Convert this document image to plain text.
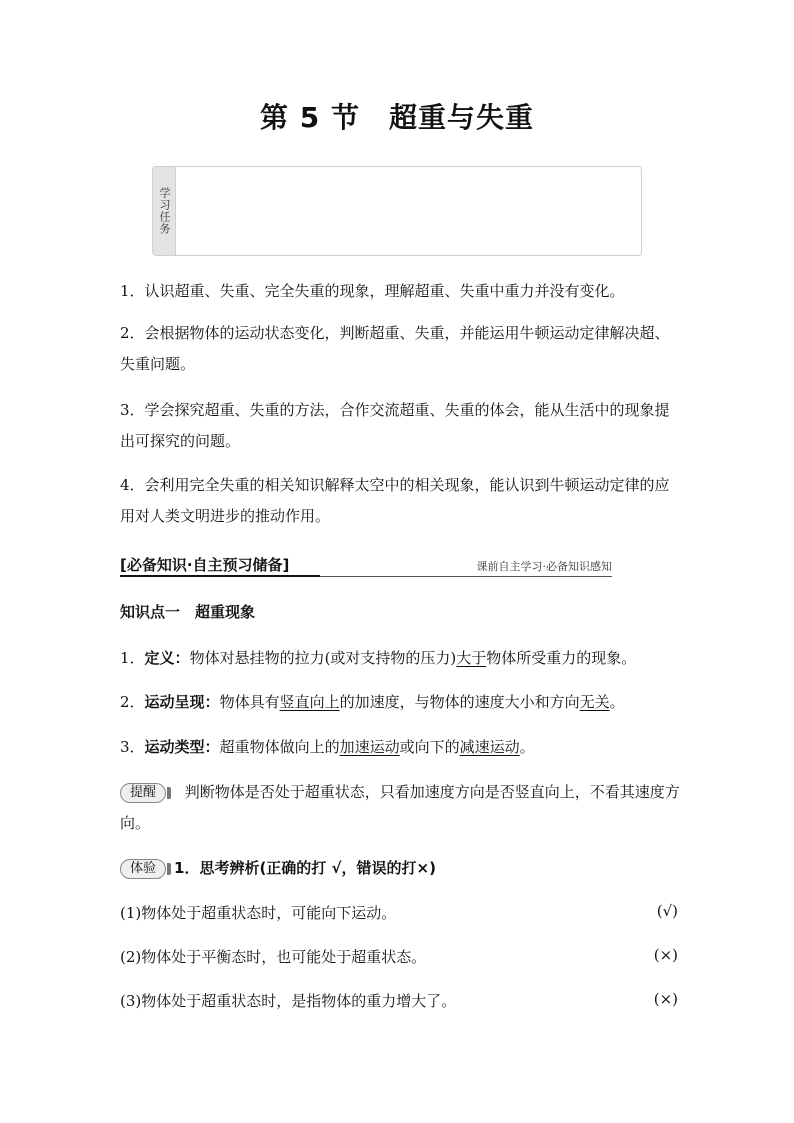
第 5 节　超重与失重
学习任务
1．认识超重、失重、完全失重的现象，理解超重、失重中重力并没有变化。
2．会根据物体的运动状态变化，判断超重、失重，并能运用牛顿运动定律解决超、失重问题。
3．学会探究超重、失重的方法，合作交流超重、失重的体会，能从生活中的现象提出可探究的问题。
4．会利用完全失重的相关知识解释太空中的相关现象，能认识到牛顿运动定律的应用对人类文明进步的推动作用。
[必备知识·自主预习储备]	课前自主学习·必备知识感知
知识点一　超重现象
1．定义：物体对悬挂物的拉力(或对支持物的压力)大于物体所受重力的现象。
2．运动呈现：物体具有竖直向上的加速度，与物体的速度大小和方向无关。
3．运动类型：超重物体做向上的加速运动或向下的减速运动。
提醒 判断物体是否处于超重状态，只看加速度方向是否竖直向上，不看其速度方向。
体验 1．思考辨析(正确的打 √，错误的打×)
(1)物体处于超重状态时，可能向下运动。	(√)
(2)物体处于平衡态时，也可能处于超重状态。	(×)
(3)物体处于超重状态时，是指物体的重力增大了。	(×)
